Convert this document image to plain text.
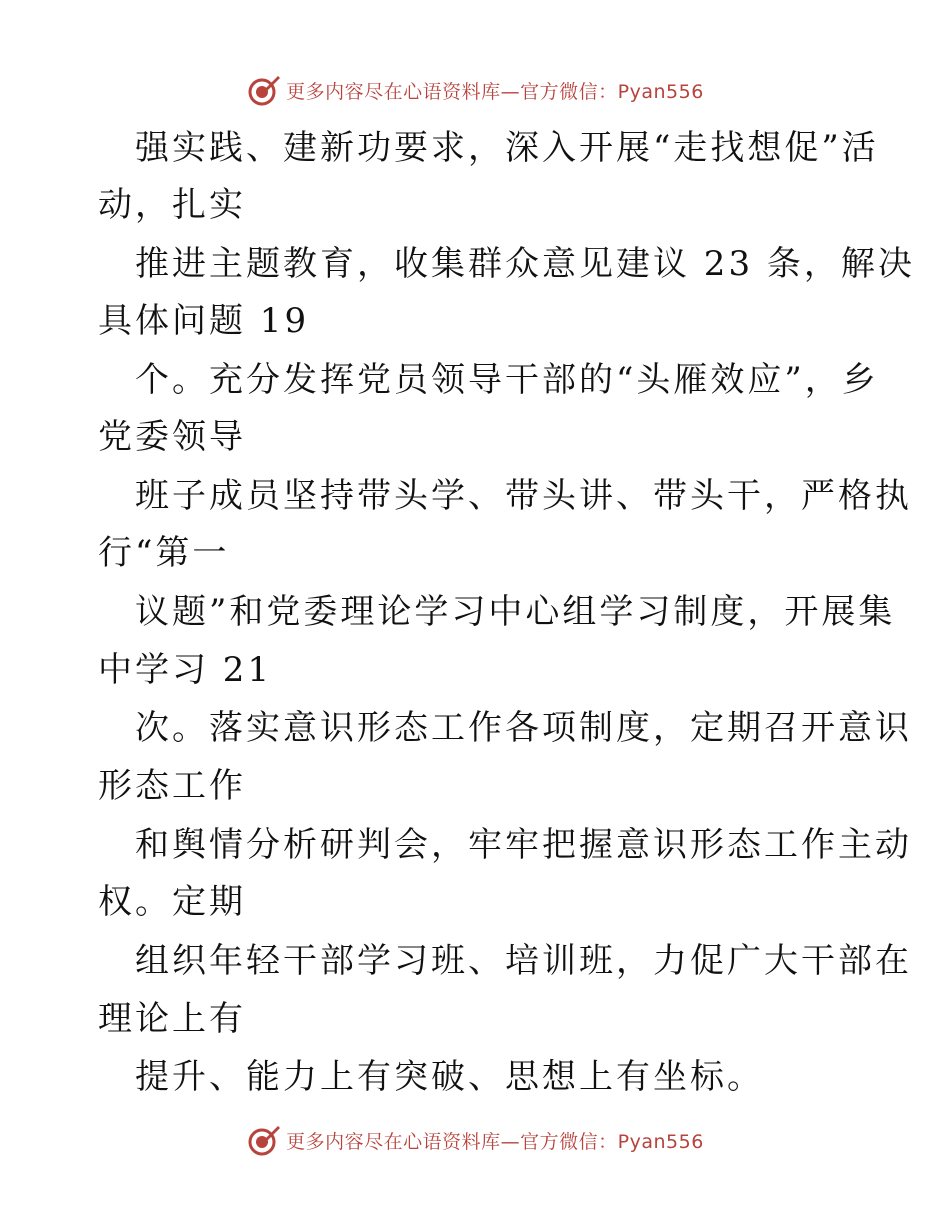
更多内容尽在心语资料库—官方微信：Pyan556
强实践、建新功要求，深入开展“走找想促”活
动，扎实
推进主题教育，收集群众意见建议 23 条，解决
具体问题 19
个。充分发挥党员领导干部的“头雁效应”，乡
党委领导
班子成员坚持带头学、带头讲、带头干，严格执
行“第一
议题”和党委理论学习中心组学习制度，开展集
中学习 21
次。落实意识形态工作各项制度，定期召开意识
形态工作
和舆情分析研判会，牢牢把握意识形态工作主动
权。定期
组织年轻干部学习班、培训班，力促广大干部在
理论上有
提升、能力上有突破、思想上有坐标。
更多内容尽在心语资料库—官方微信：Pyan556
